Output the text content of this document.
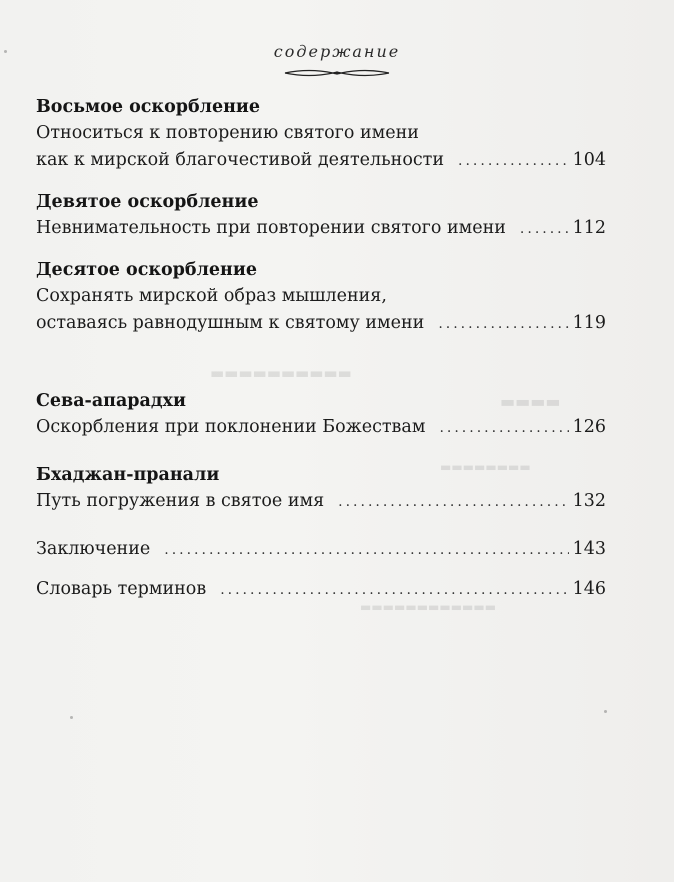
▬▬▬▬▬▬▬▬▬▬
▬▬▬▬
▬▬▬▬▬▬▬▬
▬▬▬▬▬▬▬▬▬▬▬▬
содержание
Восьмое оскорбление
Относиться к повторению святого имени
как к мирской благочестивой деятельности .....	104
Девятое оскорбление
Невнимательность при повторении святого имени .....	112
Десятое оскорбление
Сохранять мирской образ мышления,
оставаясь равнодушным к святому имени .....	119
Сева-апарадхи
Оскорбления при поклонении Божествам .....	126
Бхаджан-пранали
Путь погружения в святое имя .....	132
Заключение .....	143
Словарь терминов .....	146
